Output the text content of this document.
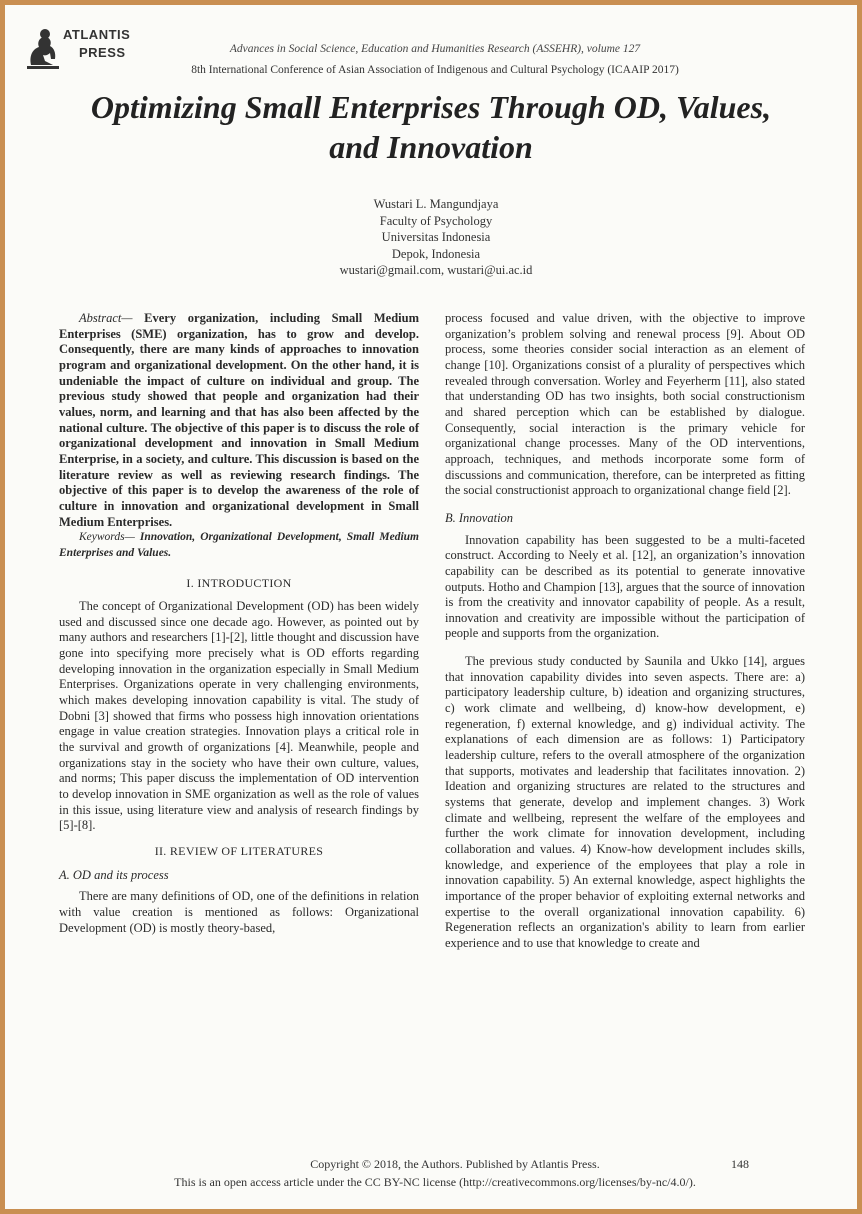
ATLANTIS
PRESS	Advances in Social Science, Education and Humanities Research (ASSEHR), volume 127
8th International Conference of Asian Association of Indigenous and Cultural Psychology (ICAAIP 2017)
Optimizing Small Enterprises Through OD, Values,
and Innovation
Wustari L. Mangundjaya
Faculty of Psychology
Universitas Indonesia
Depok, Indonesia
wustari@gmail.com, wustari@ui.ac.id

Abstract— Every organization, including Small Medium Enterprises (SME) organization, has to grow and develop. Consequently, there are many kinds of approaches to innovation program and organizational development. On the other hand, it is undeniable the impact of culture on individual and group. The previous study showed that people and organization had their values, norm, and learning and that has also been affected by the national culture. The objective of this paper is to discuss the role of organizational development and innovation in Small Medium Enterprise, in a society, and culture. This discussion is based on the literature review as well as reviewing research findings. The objective of this paper is to develop the awareness of the role of culture in innovation and organizational development in Small Medium Enterprises.

Keywords— Innovation, Organizational Development, Small Medium Enterprises and Values.

I. INTRODUCTION

The concept of Organizational Development (OD) has been widely used and discussed since one decade ago. However, as pointed out by many authors and researchers [1]-[2], little thought and discussion have gone into specifying more precisely what is OD efforts regarding developing innovation in the organization especially in Small Medium Enterprises. Organizations operate in very challenging environments, which makes developing innovation capability is vital. The study of Dobni [3] showed that firms who possess high innovation orientations engage in value creation strategies. Innovation plays a critical role in the survival and growth of organizations [4]. Meanwhile, people and organizations stay in the society who have their own culture, values, and norms; This paper discuss the implementation of OD intervention to develop innovation in SME organization as well as the role of values in this issue, using literature view and analysis of research findings by [5]-[8].

II. REVIEW OF LITERATURES

A. OD and its process

There are many definitions of OD, one of the definitions in relation with value creation is mentioned as follows: Organizational Development (OD) is mostly theory-based,

process focused and value driven, with the objective to improve organization’s problem solving and renewal process [9]. About OD process, some theories consider social interaction as an element of change [10]. Organizations consist of a plurality of perspectives which revealed through conversation. Worley and Feyerherm [11], also stated that understanding OD has two insights, both social constructionism and shared perception which can be established by dialogue. Consequently, social interaction is the primary vehicle for organizational change processes. Many of the OD interventions, approach, techniques, and methods incorporate some form of discussions and communication, therefore, can be interpreted as fitting the social constructionist approach to organizational change field [2].

B. Innovation

Innovation capability has been suggested to be a multi-faceted construct. According to Neely et al. [12], an organization’s innovation capability can be described as its potential to generate innovative outputs. Hotho and Champion [13], argues that the source of innovation is from the creativity and innovator capability of people. As a result, innovation and creativity are impossible without the participation of people and supports from the organization.

The previous study conducted by Saunila and Ukko [14], argues that innovation capability divides into seven aspects. There are: a) participatory leadership culture, b) ideation and organizing structures, c) work climate and wellbeing, d) know-how development, e) regeneration, f) external knowledge, and g) individual activity. The explanations of each dimension are as follows: 1) Participatory leadership culture, refers to the overall atmosphere of the organization that supports, motivates and leadership that facilitates innovation. 2) Ideation and organizing structures are related to the structures and systems that generate, develop and implement changes. 3) Work climate and wellbeing, represent the welfare of the employees and further the work climate for innovation development, including collaboration and values. 4) Know-how development includes skills, knowledge, and experience of the employees that play a role in innovation capability. 5) An external knowledge, aspect highlights the importance of the proper behavior of exploiting external networks and expertise to the overall organizational innovation capability. 6) Regeneration reflects an organization's ability to learn from earlier experience and to use that knowledge to create and

Copyright © 2018, the Authors. Published by Atlantis Press.	148
This is an open access article under the CC BY-NC license (http://creativecommons.org/licenses/by-nc/4.0/).
